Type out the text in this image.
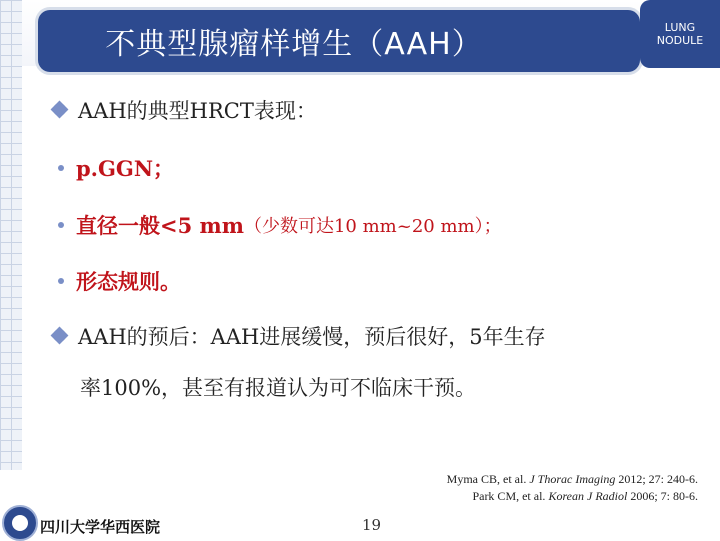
不典型腺瘤样增生（AAH）	LUNG
NODULE
AAH的典型HRCT表现：
p.GGN；
直径一般<5 mm （少数可达10 mm~20 mm）；
形态规则。
AAH的预后：AAH进展缓慢，预后很好，5年生存
率100%，甚至有报道认为可不临床干预。
Myma CB, et al. J Thorac Imaging 2012; 27: 240-6.
Park CM, et al. Korean J Radiol 2006; 7: 80-6.
四川大学华西医院	19
